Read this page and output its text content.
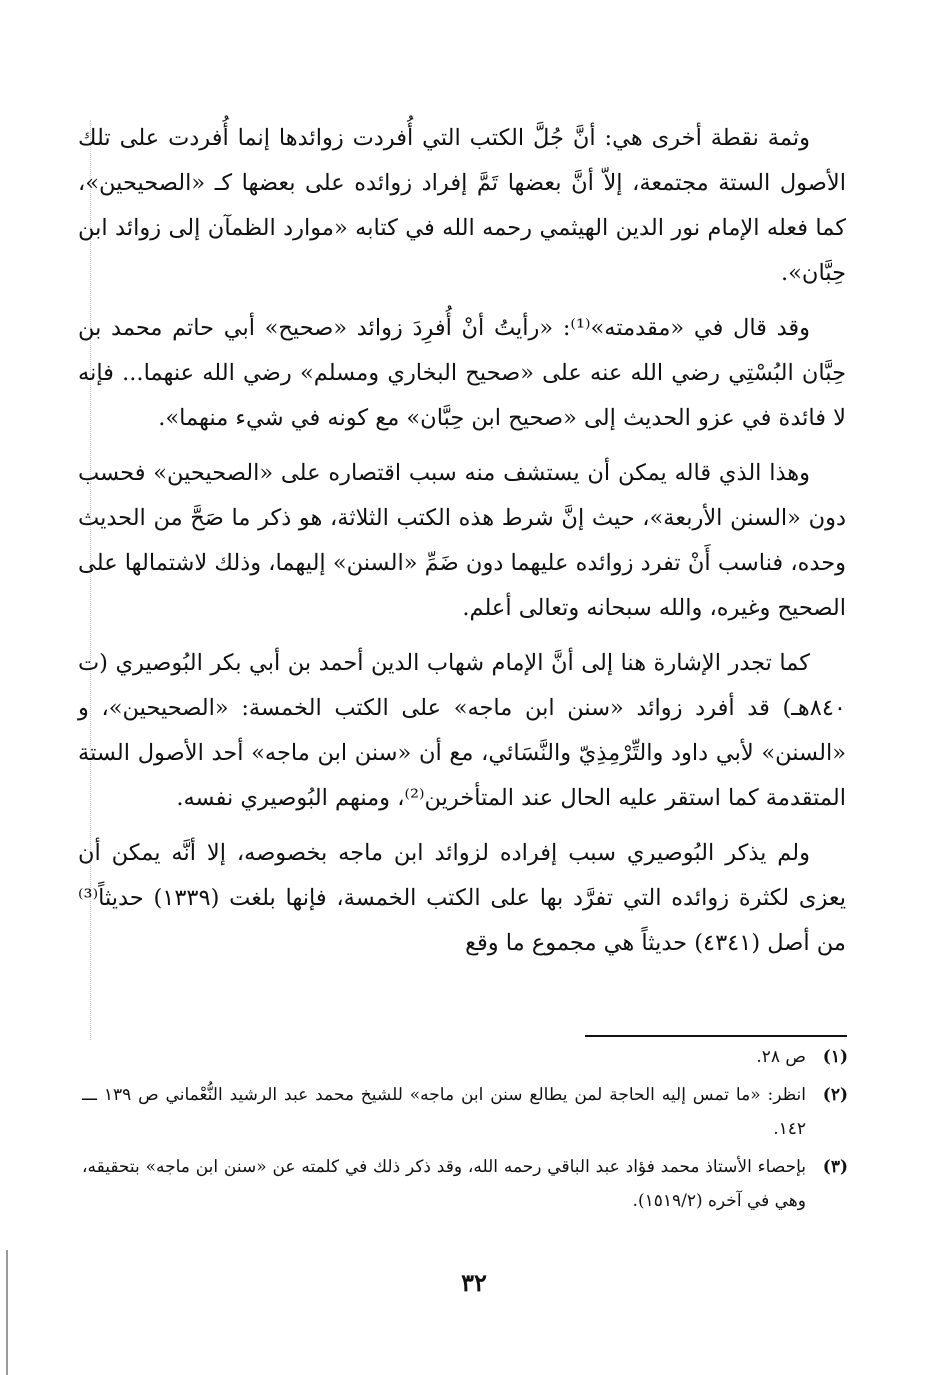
وثمة نقطة أخرى هي: أنَّ جُلَّ الكتب التي أُفردت زوائدها إنما أُفردت على تلك الأصول الستة مجتمعة، إلاّ أنَّ بعضها تَمَّ إفراد زوائده على بعضها كـ «الصحيحين»، كما فعله الإمام نور الدين الهيثمي رحمه الله في كتابه «موارد الظمآن إلى زوائد ابن حِبَّان».

وقد قال في «مقدمته»⁽¹⁾: «رأيتُ أنْ أُفرِدَ زوائد «صحيح» أبي حاتم محمد بن حِبَّان البُسْتِي رضي الله عنه على «صحيح البخاري ومسلم» رضي الله عنهما... فإنه لا فائدة في عزو الحديث إلى «صحيح ابن حِبَّان» مع كونه في شيء منهما».

وهذا الذي قاله يمكن أن يستشف منه سبب اقتصاره على «الصحيحين» فحسب دون «السنن الأربعة»، حيث إنَّ شرط هذه الكتب الثلاثة، هو ذكر ما صَحَّ من الحديث وحده، فناسب أَنْ تفرد زوائده عليهما دون ضَمِّ «السنن» إليهما، وذلك لاشتمالها على الصحيح وغيره، والله سبحانه وتعالى أعلم.

كما تجدر الإشارة هنا إلى أنَّ الإمام شهاب الدين أحمد بن أبي بكر البُوصيري (ت ٨٤٠هـ) قد أفرد زوائد «سنن ابن ماجه» على الكتب الخمسة: «الصحيحين»، و «السنن» لأبي داود والتِّرْمِذِيّ والنَّسَائي، مع أن «سنن ابن ماجه» أحد الأصول الستة المتقدمة كما استقر عليه الحال عند المتأخرين⁽²⁾، ومنهم البُوصيري نفسه.

ولم يذكر البُوصيري سبب إفراده لزوائد ابن ماجه بخصوصه، إلا أنَّه يمكن أن يعزى لكثرة زوائده التي تفرَّد بها على الكتب الخمسة، فإنها بلغت (١٣٣٩) حديثاً⁽³⁾ من أصل (٤٣٤١) حديثاً هي مجموع ما وقع

(١)
ص ٢٨.
(٢)
انظر: «ما تمس إليه الحاجة لمن يطالع سنن ابن ماجه» للشيخ محمد عبد الرشيد النُّعْماني ص ١٣٩ ـــ ١٤٢.
(٣)
بإحصاء الأستاذ محمد فؤاد عبد الباقي رحمه الله، وقد ذكر ذلك في كلمته عن «سنن ابن ماجه» بتحقيقه، وهي في آخره (١٥١٩/٢).
٣٢
